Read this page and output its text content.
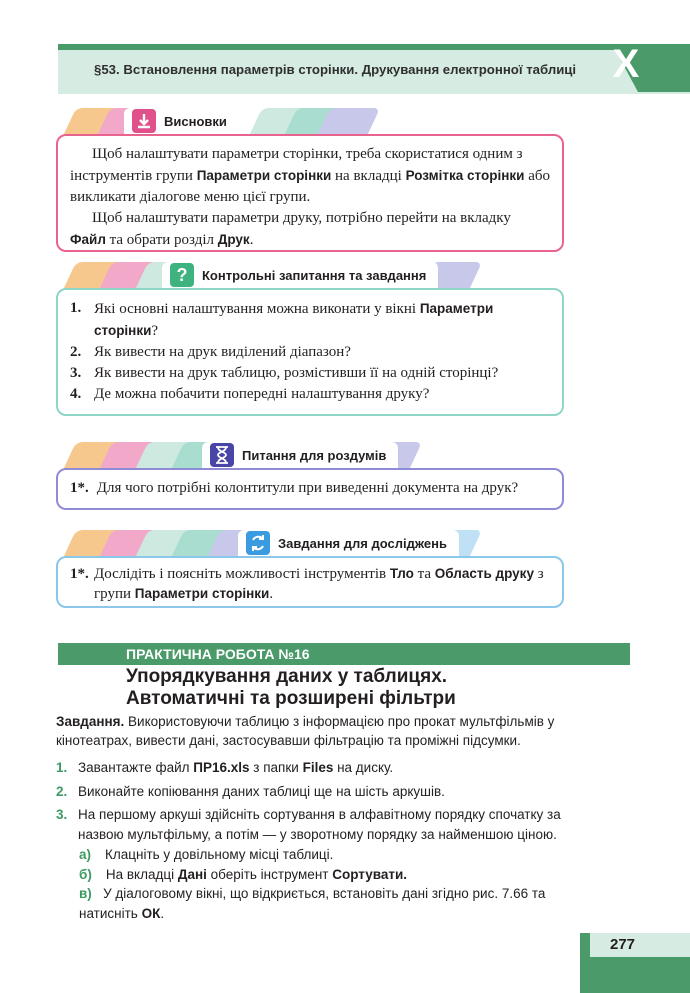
§53. Встановлення параметрів сторінки. Друкування електронної таблиці X
Висновки

Щоб налаштувати параметри сторінки, треба скористатися одним з інструментів групи Параметри сторінки на вкладці Розмітка сторінки або викликати діалогове меню цієї групи.

Щоб налаштувати параметри друку, потрібно перейти на вкладку Файл та обрати розділ Друк.

?	Контрольні запитання та завдання
1. Які основні налаштування можна виконати у вікні Параметри сторінки?
2. Як вивести на друк виділений діапазон?
3. Як вивести на друк таблицю, розмістивши її на одній сторінці?
4. Де можна побачити попередні налаштування друку?
Питання для роздумів
1*. Для чого потрібні колонтитули при виведенні документа на друк?
Завдання для досліджень
1*. Дослідіть і поясніть можливості інструментів Тло та Область друку з групи Параметри сторінки.
ПРАКТИЧНА РОБОТА №16
Упорядкування даних у таблицях.
Автоматичні та розширені фільтри
Завдання. Використовуючи таблицю з інформацією про прокат мультфільмів у кінотеатрах, вивести дані, застосувавши фільтрацію та проміжні підсумки.
1. Завантажте файл ПР16.xls з папки Files на диску.
2. Виконайте копіювання даних таблиці ще на шість аркушів.
3. На першому аркуші здійсніть сортування в алфавітному порядку спочатку за назвою мультфільму, а потім — у зворотному порядку за найменшою ціною.
а) Клацніть у довільному місці таблиці.
б) На вкладці Дані оберіть інструмент Сортувати.
в) У діалоговому вікні, що відкриється, встановіть дані згідно рис. 7.66 та натисніть ОК.
277
